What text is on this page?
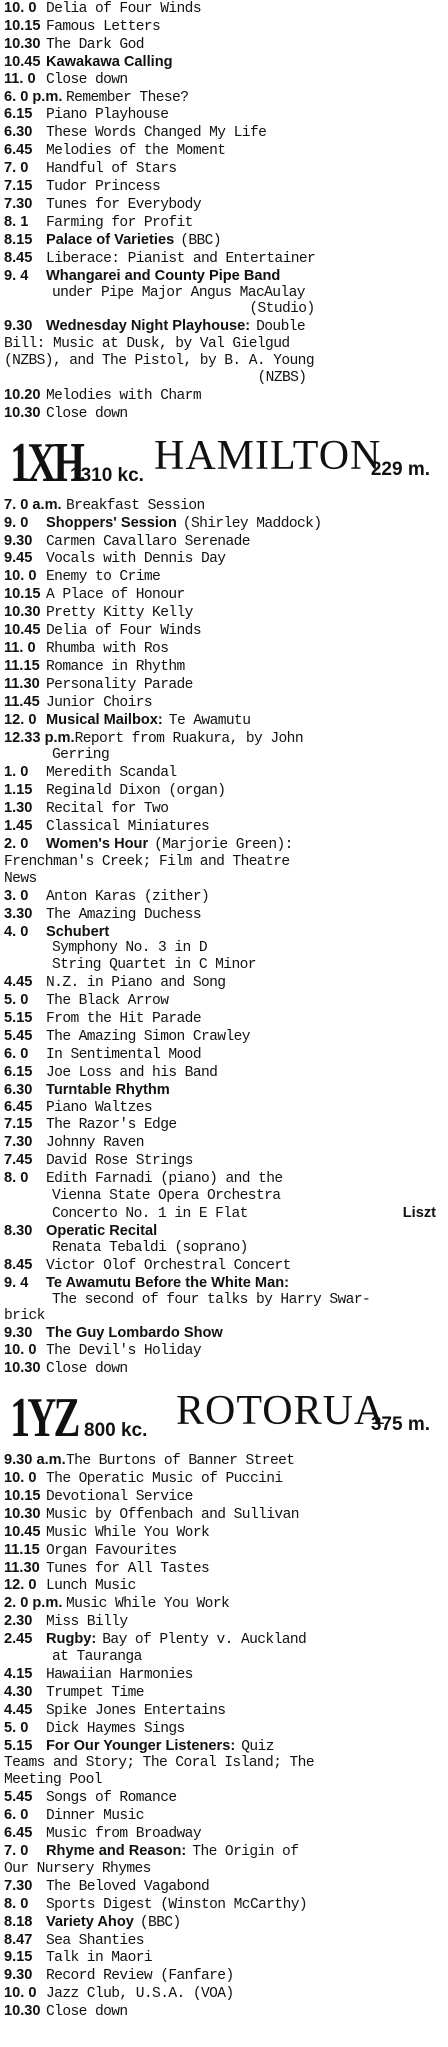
10. 0 Delia of Four Winds
10.15 Famous Letters
10.30 The Dark God
10.45 Kawakawa Calling
11. 0 Close down
6. 0 p.m. Remember These?
6.15 Piano Playhouse
6.30 These Words Changed My Life
6.45 Melodies of the Moment
7. 0	Handful of Stars
7.15 Tudor Princess
7.30 Tunes for Everybody
8. 1	Farming for Profit
8.15 Palace of Varieties (BBC)
8.45 Liberace: Pianist and Entertainer
9. 4	Whangarei and County Pipe Band
under Pipe Major Angus MacAulay
(Studio)
9.30 Wednesday Night Playhouse: Double
Bill: Music at Dusk, by Val Gielgud
(NZBS), and The Pistol, by B. A. Young
(NZBS)
10.20 Melodies with Charm
10.30 Close down
1XH
1310 kc. HAMILTON
229 m.
7. 0 a.m. Breakfast Session
9. 0	Shoppers' Session (Shirley Maddock)
9.30 Carmen Cavallaro Serenade
9.45 Vocals with Dennis Day
10. 0 Enemy to Crime
10.15 A Place of Honour
10.30 Pretty Kitty Kelly
10.45 Delia of Four Winds
11. 0 Rhumba with Ros
11.15 Romance in Rhythm
11.30 Personality Parade
11.45 Junior Choirs
12. 0 Musical Mailbox: Te Awamutu
12.33 p.m. Report from Ruakura, by John
Gerring
1. 0	Meredith Scandal
1.15 Reginald Dixon (organ)
1.30 Recital for Two
1.45 Classical Miniatures
2. 0	Women's Hour (Marjorie Green):
Frenchman's Creek; Film and Theatre
News
3. 0	Anton Karas (zither)
3.30 The Amazing Duchess
4. 0	Schubert
Symphony No. 3 in D
String Quartet in C Minor
4.45 N.Z. in Piano and Song
5. 0	The Black Arrow
5.15 From the Hit Parade
5.45 The Amazing Simon Crawley
6. 0	In Sentimental Mood
6.15 Joe Loss and his Band
6.30 Turntable Rhythm
6.45 Piano Waltzes
7.15 The Razor's Edge
7.30 Johnny Raven
7.45 David Rose Strings
8. 0	Edith Farnadi (piano) and the
Vienna State Opera Orchestra
Concerto No. 1 in E Flat	Liszt
8.30 Operatic Recital
Renata Tebaldi (soprano)
8.45 Victor Olof Orchestral Concert
9. 4	Te Awamutu Before the White Man:
The second of four talks by Harry Swar-
brick
9.30 The Guy Lombardo Show
10. 0 The Devil's Holiday
10.30 Close down
1YZ 800 kc. ROTORUA
375 m.
9.30 a.m. The Burtons of Banner Street
10. 0 The Operatic Music of Puccini
10.15 Devotional Service
10.30 Music by Offenbach and Sullivan
10.45 Music While You Work
11.15 Organ Favourites
11.30 Tunes for All Tastes
12. 0 Lunch Music
2. 0 p.m. Music While You Work
2.30 Miss Billy
2.45 Rugby: Bay of Plenty v. Auckland
at Tauranga
4.15 Hawaiian Harmonies
4.30 Trumpet Time
4.45 Spike Jones Entertains
5. 0	Dick Haymes Sings
5.15 For Our Younger Listeners: Quiz
Teams and Story; The Coral Island; The
Meeting Pool
5.45 Songs of Romance
6. 0	Dinner Music
6.45 Music from Broadway
7. 0	Rhyme and Reason: The Origin of
Our Nursery Rhymes
7.30 The Beloved Vagabond
8. 0	Sports Digest (Winston McCarthy)
8.18 Variety Ahoy (BBC)
8.47 Sea Shanties
9.15 Talk in Maori
9.30 Record Review (Fanfare)
10. 0 Jazz Club, U.S.A. (VOA)
10.30 Close down
